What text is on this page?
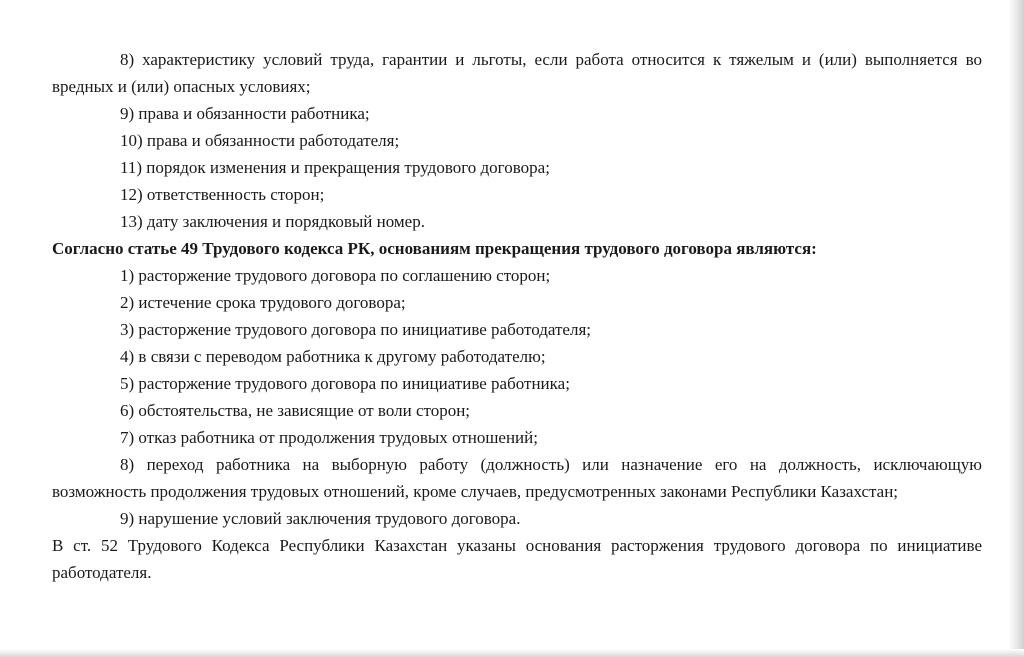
8) характеристику условий труда, гарантии и льготы, если работа относится к тяжелым и (или) выполняется во вредных и (или) опасных условиях;

9) права и обязанности работника;

10) права и обязанности работодателя;

11) порядок изменения и прекращения трудового договора;

12) ответственность сторон;

13) дату заключения и порядковый номер.

Согласно статье 49 Трудового кодекса РК, основаниям прекращения трудового договора являются:

1) расторжение трудового договора по соглашению сторон;

2) истечение срока трудового договора;

3) расторжение трудового договора по инициативе работодателя;

4) в связи с переводом работника к другому работодателю;

5) расторжение трудового договора по инициативе работника;

6) обстоятельства, не зависящие от воли сторон;

7) отказ работника от продолжения трудовых отношений;

8) переход работника на выборную работу (должность) или назначение его на должность, исключающую возможность продолжения трудовых отношений, кроме случаев, предусмотренных законами Республики Казахстан;

9) нарушение условий заключения трудового договора.

В ст. 52 Трудового Кодекса Республики Казахстан указаны основания расторжения трудового договора по инициативе работодателя.
